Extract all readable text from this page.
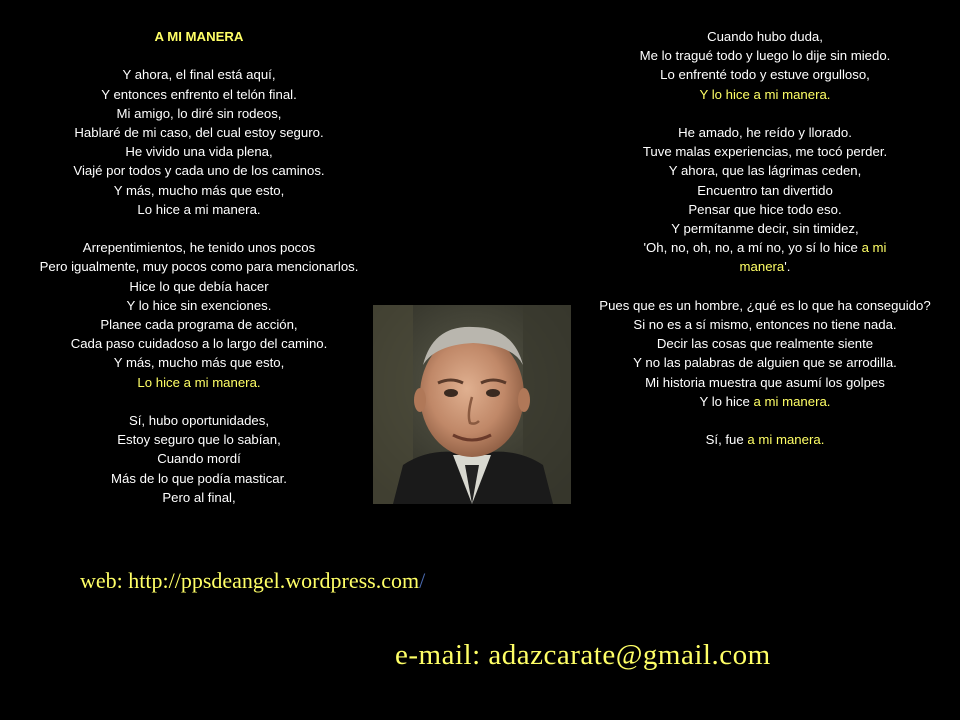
A MI MANERA
Y ahora, el final está aquí,
Y entonces enfrento el telón final.
Mi amigo, lo diré sin rodeos,
Hablaré de mi caso, del cual estoy seguro.
He vivido una vida plena,
Viajé por todos y cada uno de los caminos.
Y más, mucho más que esto,
Lo hice a mi manera.
Arrepentimientos, he tenido unos pocos
Pero igualmente, muy pocos como para mencionarlos.
Hice lo que debía hacer
Y lo hice sin exenciones.
Planee cada programa de acción,
Cada paso cuidadoso a lo largo del camino.
Y más, mucho más que esto,
Lo hice a mi manera.
Sí, hubo oportunidades,
Estoy seguro que lo sabían,
Cuando mordí
Más de lo que podía masticar.
Pero al final,
Cuando hubo duda,
Me lo tragué todo y luego lo dije sin miedo.
Lo enfrenté todo y estuve orgulloso,
Y lo hice a mi manera.
He amado, he reído y llorado.
Tuve malas experiencias, me tocó perder.
Y ahora, que las lágrimas ceden,
Encuentro tan divertido
Pensar que hice todo eso.
Y permítanme decir, sin timidez,
'Oh, no, oh, no, a mí no, yo sí lo hice a mi
manera'.
Pues que es un hombre, ¿qué es lo que ha conseguido?
Si no es a sí mismo, entonces no tiene nada.
Decir las cosas que realmente siente
Y no las palabras de alguien que se arrodilla.
Mi historia muestra que asumí los golpes
Y lo hice a mi manera.
Sí, fue a mi manera.
web: http://ppsdeangel.wordpress.com/
e-mail: adazcarate@gmail.com
